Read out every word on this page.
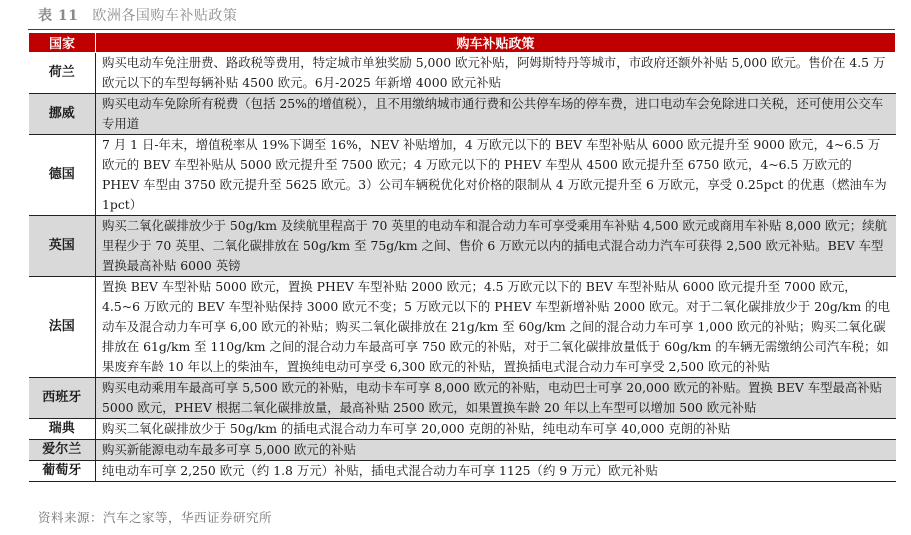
表 11 欧洲各国购车补贴政策
国家	购车补贴政策
荷兰	购买电动车免注册费、路政税等费用，特定城市单独奖励 5,000 欧元补贴，阿姆斯特丹等城市，市政府还额外补贴 5,000 欧元。售价在 4.5 万欧元以下的车型每辆补贴 4500 欧元。6月-2025 年新增 4000 欧元补贴
挪威	购买电动车免除所有税费（包括 25%的增值税），且不用缴纳城市通行费和公共停车场的停车费，进口电动车会免除进口关税，还可使用公交车专用道
德国	7 月 1 日-年末，增值税率从 19%下调至 16%，NEV 补贴增加，4 万欧元以下的 BEV 车型补贴从 6000 欧元提升至 9000 欧元，4~6.5 万欧元的 BEV 车型补贴从 5000 欧元提升至 7500 欧元；4 万欧元以下的 PHEV 车型从 4500 欧元提升至 6750 欧元，4~6.5 万欧元的 PHEV 车型由 3750 欧元提升至 5625 欧元。3）公司车辆税优化对价格的限制从 4 万欧元提升至 6 万欧元，享受 0.25pct 的优惠（燃油车为 1pct）
英国	购买二氧化碳排放少于 50g/km 及续航里程高于 70 英里的电动车和混合动力车可享受乘用车补贴 4,500 欧元或商用车补贴 8,000 欧元；续航里程少于 70 英里、二氧化碳排放在 50g/km 至 75g/km 之间、售价 6 万欧元以内的插电式混合动力汽车可获得 2,500 欧元补贴。BEV 车型置换最高补贴 6000 英镑
法国	置换 BEV 车型补贴 5000 欧元，置换 PHEV 车型补贴 2000 欧元；4.5 万欧元以下的 BEV 车型补贴从 6000 欧元提升至 7000 欧元，4.5~6 万欧元的 BEV 车型补贴保持 3000 欧元不变；5 万欧元以下的 PHEV 车型新增补贴 2000 欧元。对于二氧化碳排放少于 20g/km 的电动车及混合动力车可享 6,00 欧元的补贴；购买二氧化碳排放在 21g/km 至 60g/km 之间的混合动力车可享 1,000 欧元的补贴；购买二氧化碳排放在 61g/km 至 110g/km 之间的混合动力车最高可享 750 欧元的补贴，对于二氧化碳排放量低于 60g/km 的车辆无需缴纳公司汽车税；如果废弃车龄 10 年以上的柴油车，置换纯电动可享受 6,300 欧元的补贴，置换插电式混合动力车可享受 2,500 欧元的补贴
西班牙	购买电动乘用车最高可享 5,500 欧元的补贴，电动卡车可享 8,000 欧元的补贴，电动巴士可享 20,000 欧元的补贴。置换 BEV 车型最高补贴 5000 欧元，PHEV 根据二氧化碳排放量，最高补贴 2500 欧元，如果置换车龄 20 年以上车型可以增加 500 欧元补贴
瑞典	购买二氧化碳排放少于 50g/km 的插电式混合动力车可享 20,000 克朗的补贴，纯电动车可享 40,000 克朗的补贴
爱尔兰	购买新能源电动车最多可享 5,000 欧元的补贴
葡萄牙	纯电动车可享 2,250 欧元（约 1.8 万元）补贴，插电式混合动力车可享 1125（约 9 万元）欧元补贴
资料来源：汽车之家等，华西证券研究所
